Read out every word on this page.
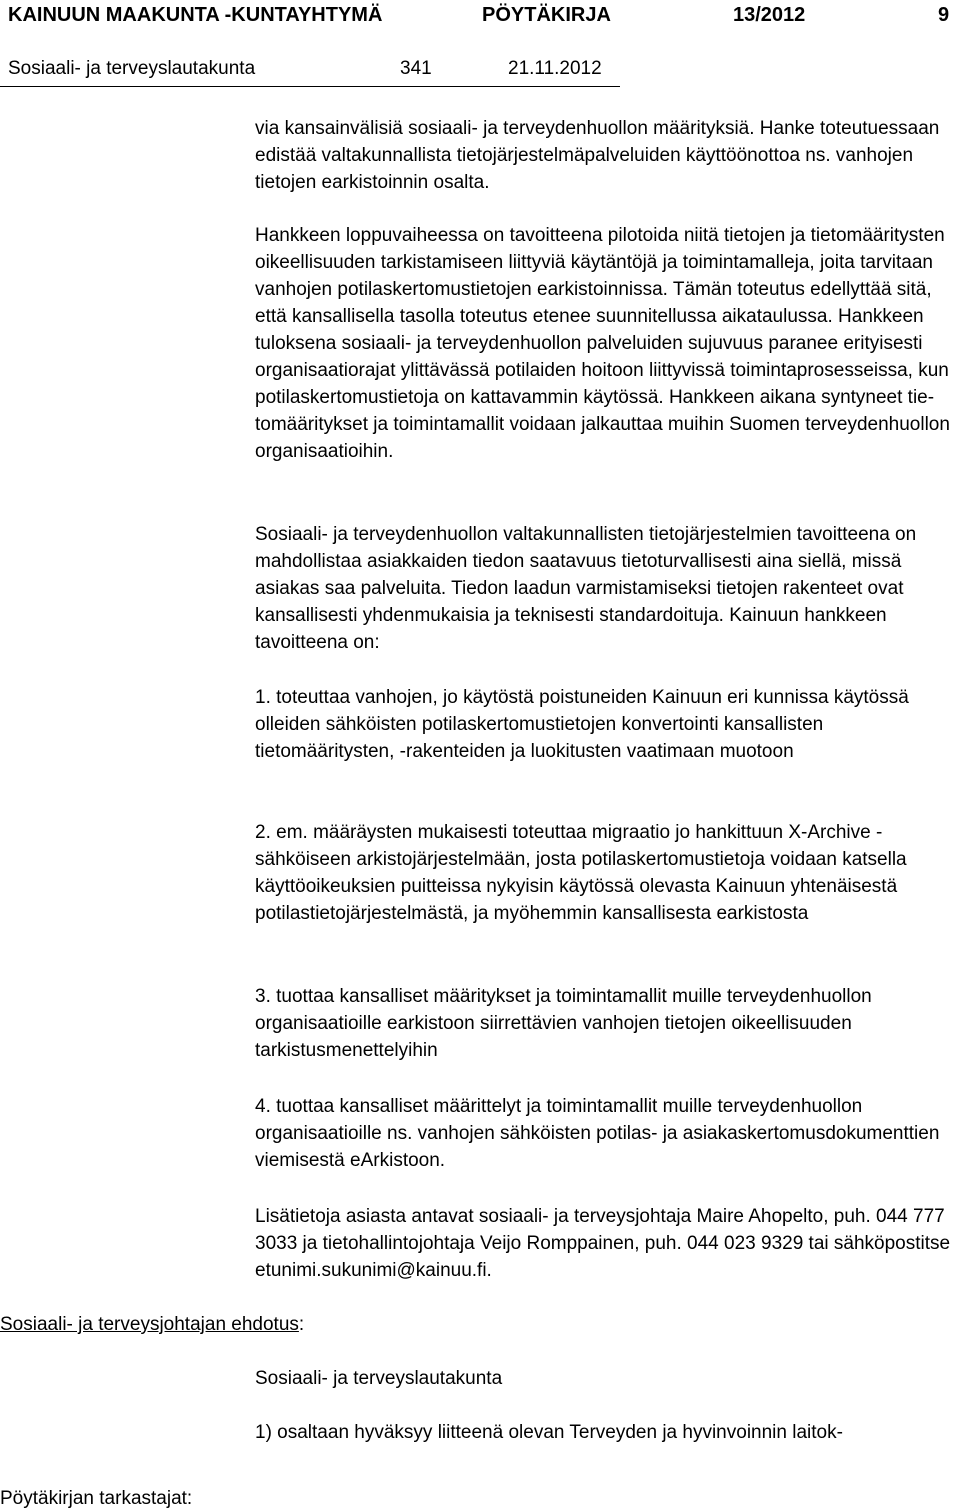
KAINUUN MAAKUNTA -KUNTAYHTYMÄ	PÖYTÄKIRJA	13/2012	9
Sosiaali- ja terveyslautakunta	341	21.11.2012

via kansainvälisiä sosiaali- ja terveydenhuollon määrityksiä. Hanke toteutuessaan edistää valtakunnallista tietojärjestelmäpalveluiden käyttöönottoa ns. vanhojen tietojen earkistoinnin osalta.

Hankkeen loppuvaiheessa on tavoitteena pilotoida niitä tietojen ja tietomääritysten oikeellisuuden tarkistamiseen liittyviä käytäntöjä ja toimintamalleja, joita tarvitaan vanhojen potilaskertomustietojen earkistoinnissa. Tämän toteutus edellyttää sitä, että kansallisella tasolla toteutus etenee suunnitellussa aikataulussa. Hankkeen tuloksena sosiaali- ja terveydenhuollon palveluiden sujuvuus paranee erityisesti organisaatiorajat ylittävässä potilaiden hoitoon liittyvissä toimintaprosesseissa, kun potilaskertomustietoja on kattavammin käytössä. Hankkeen aikana syntyneet tietomääritykset ja toimintamallit voidaan jalkauttaa muihin Suomen terveydenhuollon organisaatioihin.

Sosiaali- ja terveydenhuollon valtakunnallisten tietojärjestelmien tavoitteena on mahdollistaa asiakkaiden tiedon saatavuus tietoturvallisesti aina siellä, missä asiakas saa palveluita. Tiedon laadun varmistamiseksi tietojen rakenteet ovat kansallisesti yhdenmukaisia ja teknisesti standardoituja. Kainuun hankkeen tavoitteena on:

1. toteuttaa vanhojen, jo käytöstä poistuneiden Kainuun eri kunnissa käytössä olleiden sähköisten potilaskertomustietojen konvertointi kansallisten tietomääritysten, -rakenteiden ja luokitusten vaatimaan muotoon

2. em. määräysten mukaisesti toteuttaa migraatio jo hankittuun X-Archive - sähköiseen arkistojärjestelmään, josta potilaskertomustietoja voidaan katsella käyttöoikeuksien puitteissa nykyisin käytössä olevasta Kainuun yhtenäisestä potilastietojärjestelmästä, ja myöhemmin kansallisesta earkistosta

3. tuottaa kansalliset määritykset ja toimintamallit muille terveydenhuollon organisaatioille earkistoon siirrettävien vanhojen tietojen oikeellisuuden tarkistusmenettelyihin

4. tuottaa kansalliset määrittelyt ja toimintamallit muille terveydenhuollon organisaatioille ns. vanhojen sähköisten potilas- ja asiakaskertomusdokumenttien viemisestä eArkistoon.

Lisätietoja asiasta antavat sosiaali- ja terveysjohtaja Maire Ahopelto, puh. 044 777 3033 ja tietohallintojohtaja Veijo Romppainen, puh. 044 023 9329 tai sähköpostitse etunimi.sukunimi@kainuu.fi.

Sosiaali- ja terveysjohtajan ehdotus:

Sosiaali- ja terveyslautakunta

1) osaltaan hyväksyy liitteenä olevan Terveyden ja hyvinvoinnin laitok-

Pöytäkirjan tarkastajat:
